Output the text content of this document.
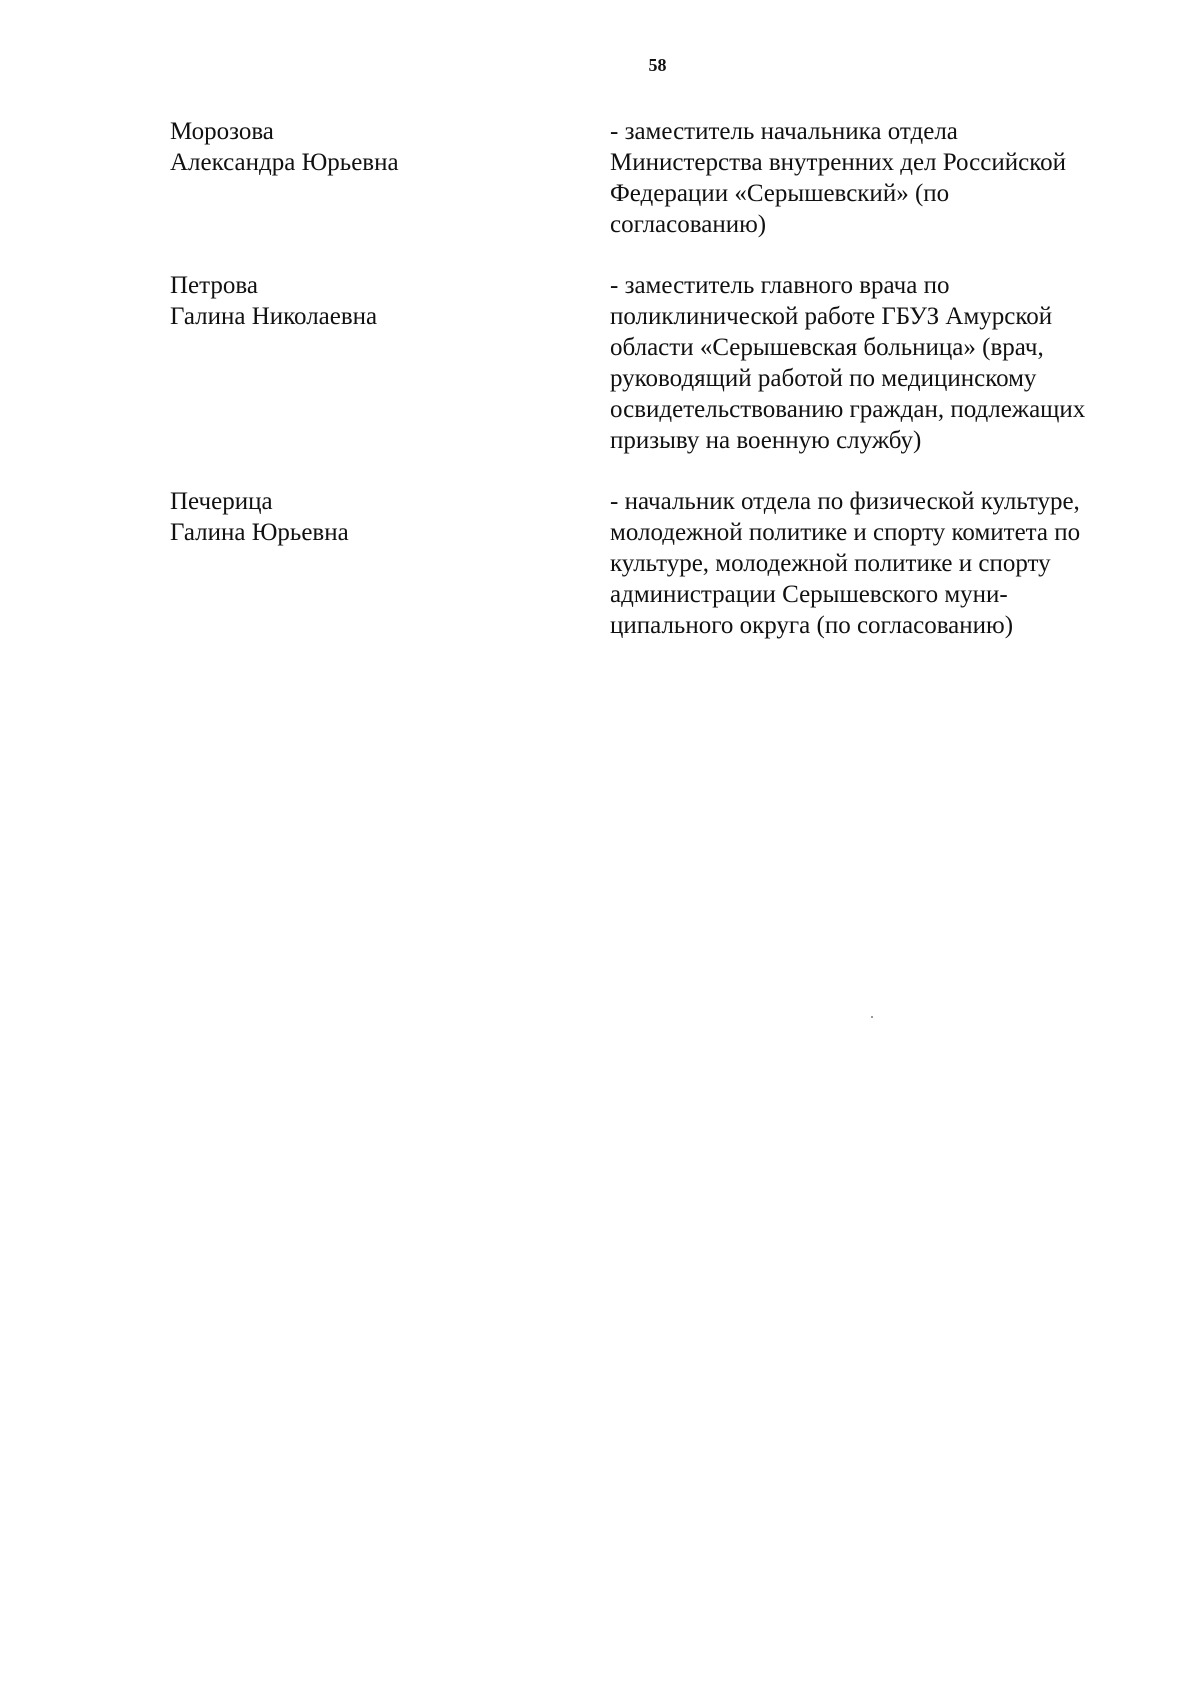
58
Морозова
Александра Юрьевна
- заместитель начальника отдела
Министерства внутренних дел Российской
Федерации «Серышевский» (по
согласованию)
Петрова
Галина Николаевна
- заместитель главного врача по
поликлинической работе ГБУЗ Амурской
области «Серышевская больница» (врач,
руководящий работой по медицинскому
освидетельствованию граждан, подлежащих
призыву на военную службу)
Печерица
Галина Юрьевна
- начальник отдела по физической культуре,
молодежной политике и спорту комитета по
культуре, молодежной политике и спорту
администрации Серышевского муни-
ципального округа (по согласованию)
